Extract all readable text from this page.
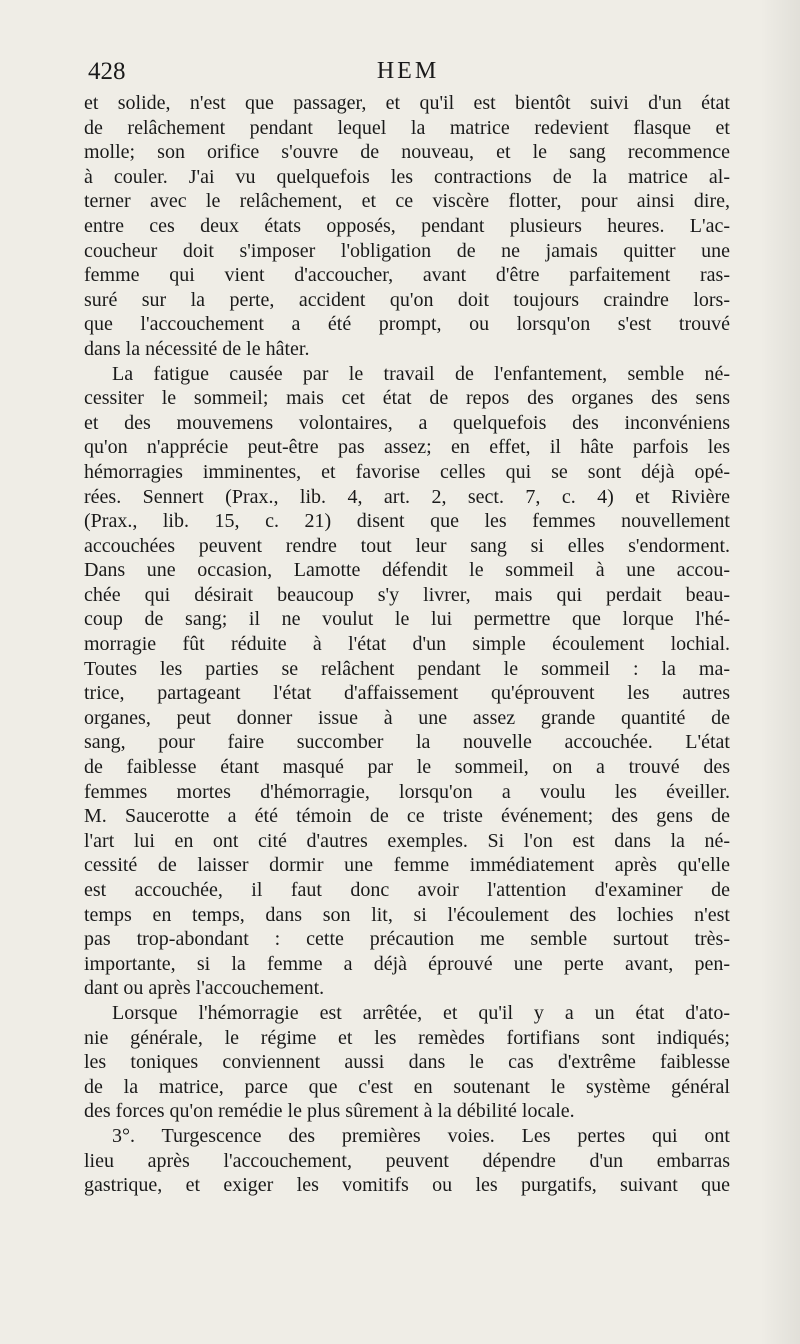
428	HEM
et solide, n'est que passager, et qu'il est bientôt suivi d'un état
de relâchement pendant lequel la matrice redevient flasque et
molle; son orifice s'ouvre de nouveau, et le sang recommence
à couler. J'ai vu quelquefois les contractions de la matrice al-
terner avec le relâchement, et ce viscère flotter, pour ainsi dire,
entre ces deux états opposés, pendant plusieurs heures. L'ac-
coucheur doit s'imposer l'obligation de ne jamais quitter une
femme qui vient d'accoucher, avant d'être parfaitement ras-
suré sur la perte, accident qu'on doit toujours craindre lors-
que l'accouchement a été prompt, ou lorsqu'on s'est trouvé
dans la nécessité de le hâter.
La fatigue causée par le travail de l'enfantement, semble né-
cessiter le sommeil; mais cet état de repos des organes des sens
et des mouvemens volontaires, a quelquefois des inconvéniens
qu'on n'apprécie peut-être pas assez; en effet, il hâte parfois les
hémorragies imminentes, et favorise celles qui se sont déjà opé-
rées. Sennert (Prax., lib. 4, art. 2, sect. 7, c. 4) et Rivière
(Prax., lib. 15, c. 21) disent que les femmes nouvellement
accouchées peuvent rendre tout leur sang si elles s'endorment.
Dans une occasion, Lamotte défendit le sommeil à une accou-
chée qui désirait beaucoup s'y livrer, mais qui perdait beau-
coup de sang; il ne voulut le lui permettre que lorque l'hé-
morragie fût réduite à l'état d'un simple écoulement lochial.
Toutes les parties se relâchent pendant le sommeil : la ma-
trice, partageant l'état d'affaissement qu'éprouvent les autres
organes, peut donner issue à une assez grande quantité de
sang, pour faire succomber la nouvelle accouchée. L'état
de faiblesse étant masqué par le sommeil, on a trouvé des
femmes mortes d'hémorragie, lorsqu'on a voulu les éveiller.
M. Saucerotte a été témoin de ce triste événement; des gens de
l'art lui en ont cité d'autres exemples. Si l'on est dans la né-
cessité de laisser dormir une femme immédiatement après qu'elle
est accouchée, il faut donc avoir l'attention d'examiner de
temps en temps, dans son lit, si l'écoulement des lochies n'est
pas trop-abondant : cette précaution me semble surtout très-
importante, si la femme a déjà éprouvé une perte avant, pen-
dant ou après l'accouchement.
Lorsque l'hémorragie est arrêtée, et qu'il y a un état d'ato-
nie générale, le régime et les remèdes fortifians sont indiqués;
les toniques conviennent aussi dans le cas d'extrême faiblesse
de la matrice, parce que c'est en soutenant le système général
des forces qu'on remédie le plus sûrement à la débilité locale.
3°. Turgescence des premières voies. Les pertes qui ont
lieu après l'accouchement, peuvent dépendre d'un embarras
gastrique, et exiger les vomitifs ou les purgatifs, suivant que
